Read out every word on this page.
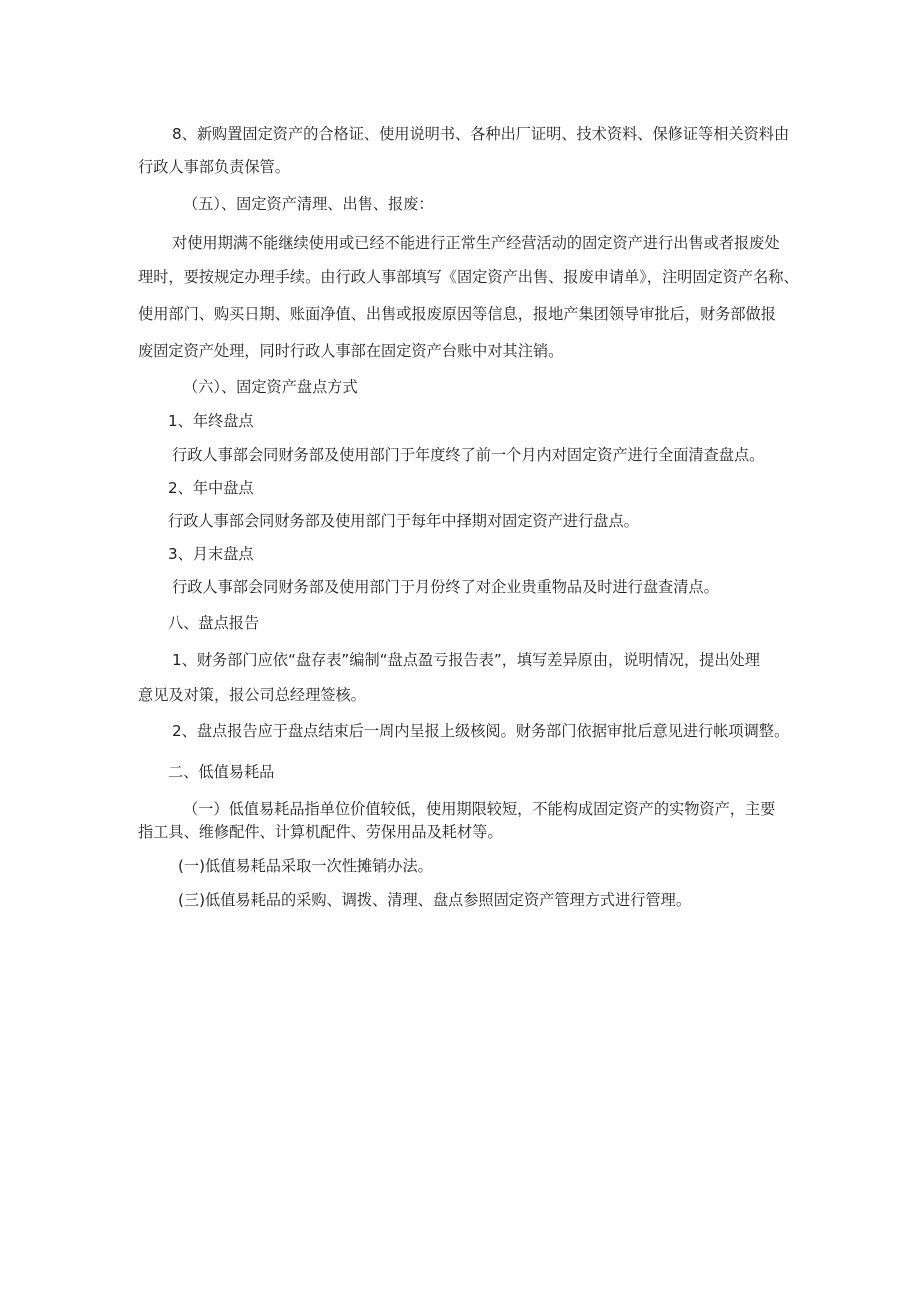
8、新购置固定资产的合格证、使用说明书、各种出厂证明、技术资料、保修证等相关资料由
行政人事部负责保管。
（五）、固定资产清理、出售、报废：
对使用期满不能继续使用或已经不能进行正常生产经营活动的固定资产进行出售或者报废处
理时，要按规定办理手续。由行政人事部填写《固定资产出售、报废申请单》，注明固定资产名称、
使用部门、购买日期、账面净值、出售或报废原因等信息，报地产集团领导审批后，财务部做报
废固定资产处理，同时行政人事部在固定资产台账中对其注销。
（六）、固定资产盘点方式
1、年终盘点
行政人事部会同财务部及使用部门于年度终了前一个月内对固定资产进行全面清查盘点。
2、年中盘点
行政人事部会同财务部及使用部门于每年中择期对固定资产进行盘点。
3、月末盘点
行政人事部会同财务部及使用部门于月份终了对企业贵重物品及时进行盘查清点。
八、盘点报告
1、财务部门应依“盘存表”编制“盘点盈亏报告表”，填写差异原由，说明情况，提出处理
意见及对策，报公司总经理签核。
2、盘点报告应于盘点结束后一周内呈报上级核阅。财务部门依据审批后意见进行帐项调整。
二、低值易耗品
（一）低值易耗品指单位价值较低，使用期限较短，不能构成固定资产的实物资产，主要
指工具、维修配件、计算机配件、劳保用品及耗材等。
(一)低值易耗品采取一次性摊销办法。
(三)低值易耗品的采购、调拨、清理、盘点参照固定资产管理方式进行管理。
